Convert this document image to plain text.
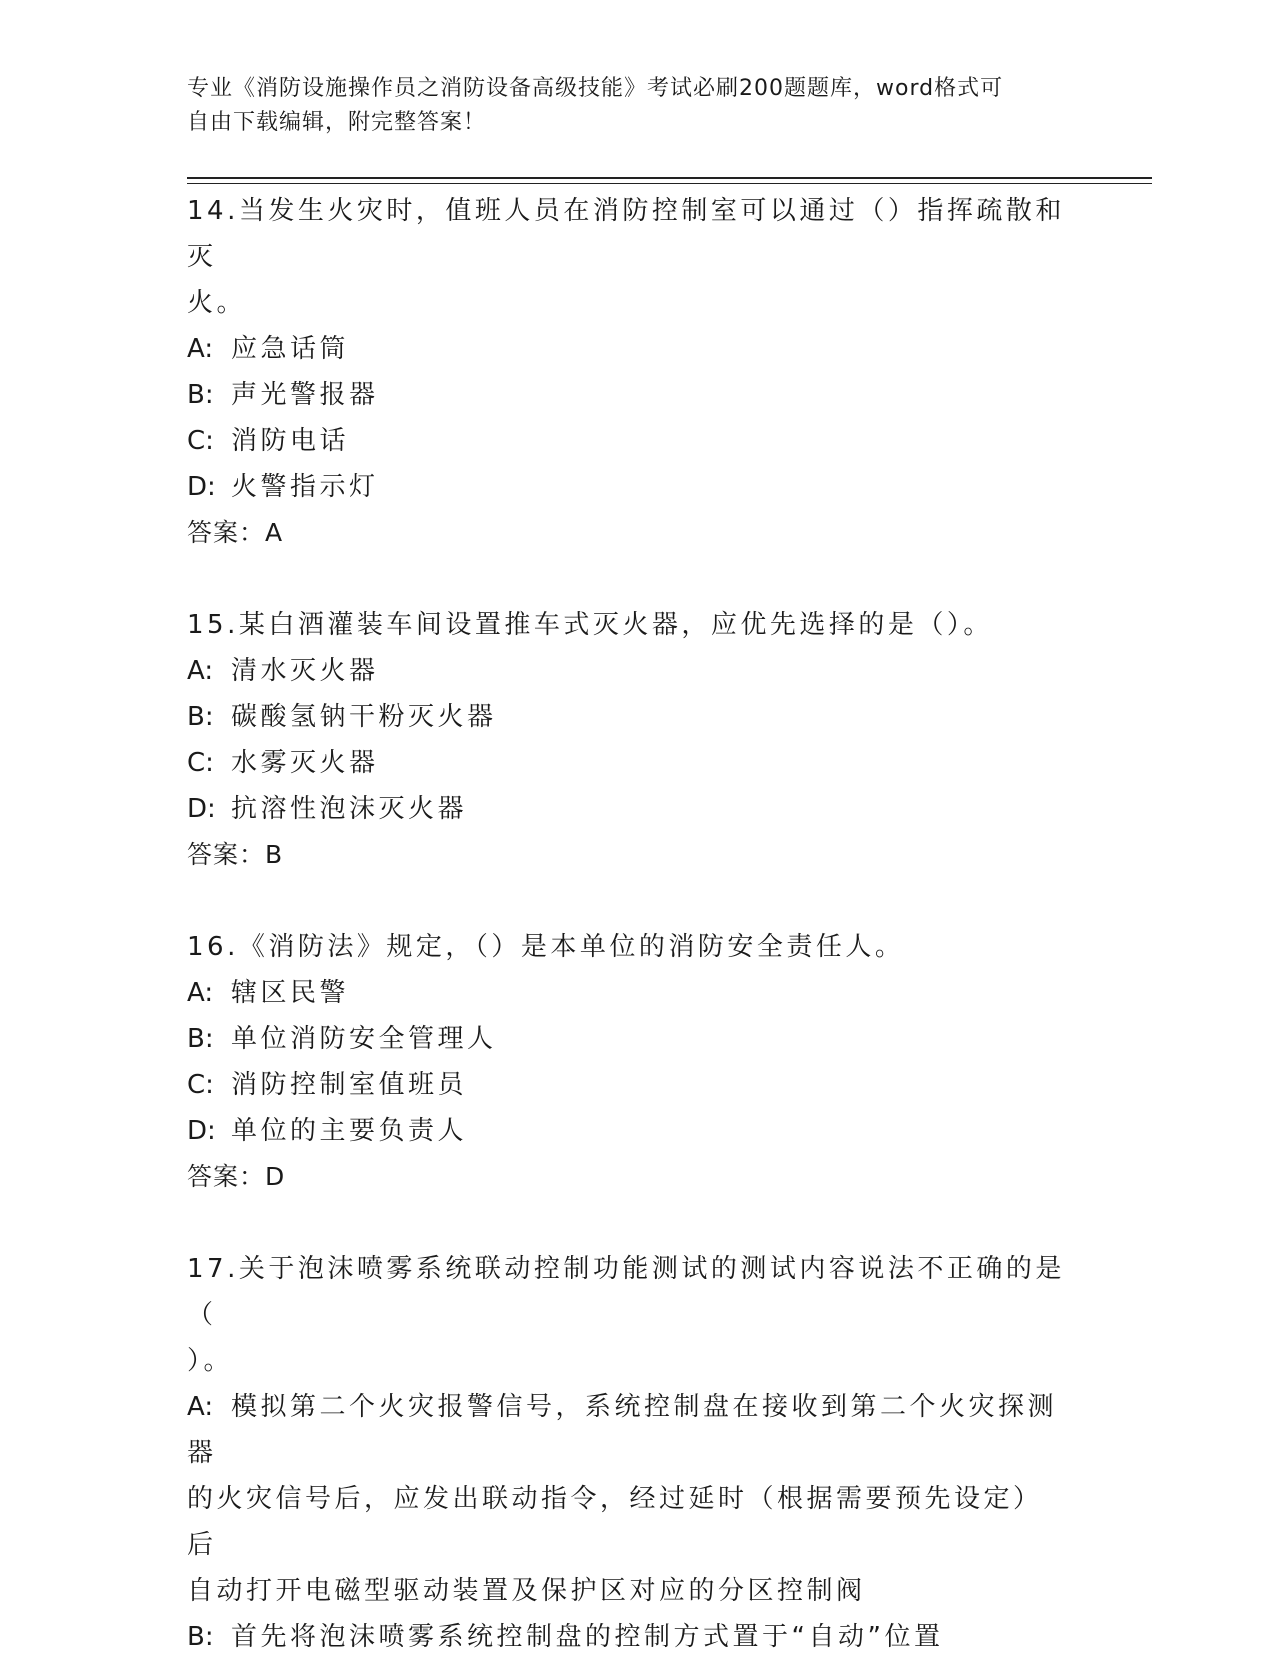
专业《消防设施操作员之消防设备高级技能》考试必刷200题题库，word格式可
自由下载编辑，附完整答案！

14.当发生火灾时，值班人员在消防控制室可以通过（）指挥疏散和灭

火。

A: 应急话筒

B: 声光警报器

C: 消防电话

D: 火警指示灯

答案：A

15.某白酒灌装车间设置推车式灭火器，应优先选择的是（）。

A: 清水灭火器

B: 碳酸氢钠干粉灭火器

C: 水雾灭火器

D: 抗溶性泡沫灭火器

答案：B

16.《消防法》规定，（）是本单位的消防安全责任人。

A: 辖区民警

B: 单位消防安全管理人

C: 消防控制室值班员

D: 单位的主要负责人

答案：D

17.关于泡沫喷雾系统联动控制功能测试的测试内容说法不正确的是（

）。

A: 模拟第二个火灾报警信号，系统控制盘在接收到第二个火灾探测器

的火灾信号后，应发出联动指令，经过延时（根据需要预先设定）后

自动打开电磁型驱动装置及保护区对应的分区控制阀

B: 首先将泡沫喷雾系统控制盘的控制方式置于“自动”位置
